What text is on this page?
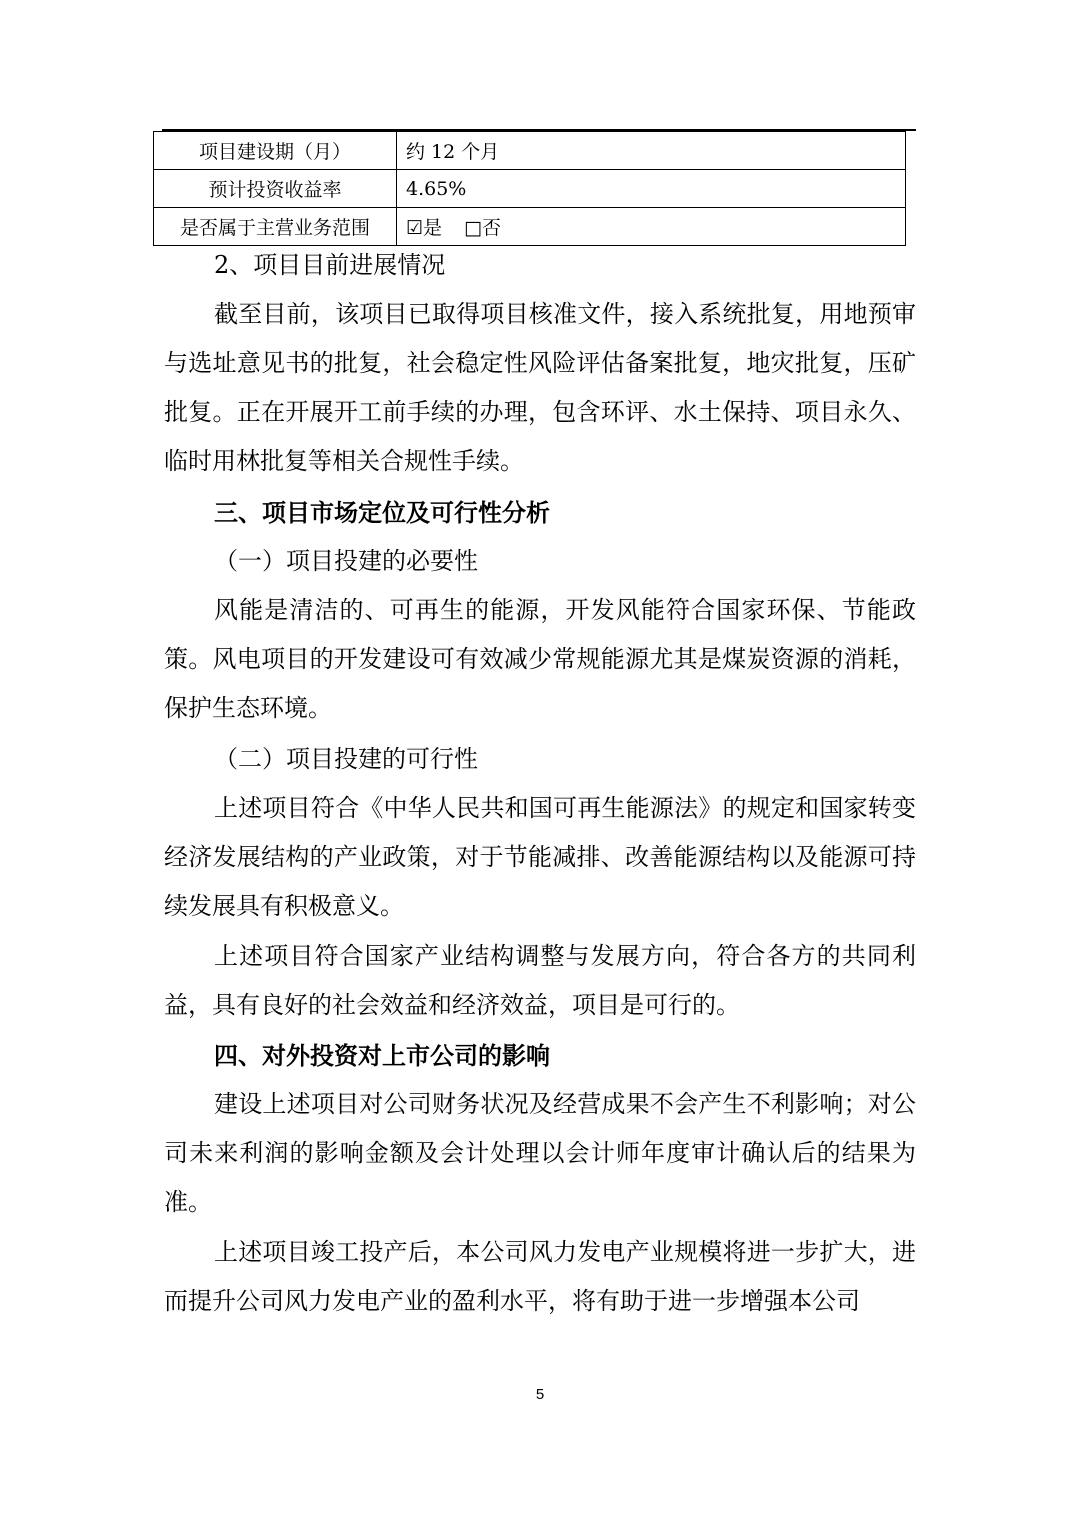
项目建设期（月）	约 12 个月
预计投资收益率	4.65%
是否属于主营业务范围	☑是 □否

2、项目目前进展情况

截至目前，该项目已取得项目核准文件，接入系统批复，用地预审与选址意见书的批复，社会稳定性风险评估备案批复，地灾批复，压矿批复。正在开展开工前手续的办理，包含环评、水土保持、项目永久、临时用林批复等相关合规性手续。

三、项目市场定位及可行性分析

（一）项目投建的必要性

风能是清洁的、可再生的能源，开发风能符合国家环保、节能政策。风电项目的开发建设可有效减少常规能源尤其是煤炭资源的消耗，保护生态环境。

（二）项目投建的可行性

上述项目符合《中华人民共和国可再生能源法》的规定和国家转变经济发展结构的产业政策，对于节能减排、改善能源结构以及能源可持续发展具有积极意义。

上述项目符合国家产业结构调整与发展方向，符合各方的共同利益，具有良好的社会效益和经济效益，项目是可行的。

四、对外投资对上市公司的影响

建设上述项目对公司财务状况及经营成果不会产生不利影响；对公司未来利润的影响金额及会计处理以会计师年度审计确认后的结果为准。

上述项目竣工投产后，本公司风力发电产业规模将进一步扩大，进而提升公司风力发电产业的盈利水平，将有助于进一步增强本公司

5
